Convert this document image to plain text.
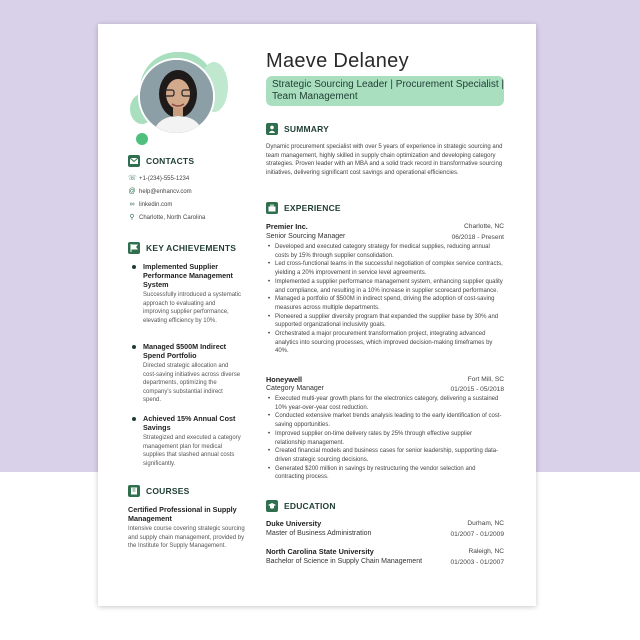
CONTACTS
☏ +1-(234)-555-1234
@ help@enhancv.com
∞ linkedin.com
⚲ Charlotte, North Carolina
KEY ACHIEVEMENTS
Implemented Supplier Performance Management System
Successfully introduced a systematic approach to evaluating and improving supplier performance, elevating efficiency by 10%.
Managed $500M Indirect Spend Portfolio
Directed strategic allocation and cost-saving initiatives across diverse departments, optimizing the company's substantial indirect spend.
Achieved 15% Annual Cost Savings
Strategized and executed a category management plan for medical supplies that slashed annual costs significantly.
COURSES
Certified Professional in Supply Management
Intensive course covering strategic sourcing and supply chain management, provided by the Institute for Supply Management.
Maeve Delaney
Strategic Sourcing Leader | Procurement Specialist | Team Management
SUMMARY
Dynamic procurement specialist with over 5 years of experience in strategic sourcing and team management, highly skilled in supply chain optimization and developing category strategies. Proven leader with an MBA and a solid track record in transformative sourcing initiatives, delivering significant cost savings and operational efficiencies.
EXPERIENCE
Premier Inc.	Charlotte, NC
Senior Sourcing Manager	06/2018 - Present
• Developed and executed category strategy for medical supplies, reducing annual costs by 15% through supplier consolidation.
• Led cross-functional teams in the successful negotiation of complex service contracts, yielding a 20% improvement in service level agreements.
• Implemented a supplier performance management system, enhancing supplier quality and compliance, and resulting in a 10% increase in supplier scorecard performance.
• Managed a portfolio of $500M in indirect spend, driving the adoption of cost-saving measures across multiple departments.
• Pioneered a supplier diversity program that expanded the supplier base by 30% and supported organizational inclusivity goals.
• Orchestrated a major procurement transformation project, integrating advanced analytics into sourcing processes, which improved decision-making timeframes by 40%.
Honeywell	Fort Mill, SC
Category Manager	01/2015 - 05/2018
• Executed multi-year growth plans for the electronics category, delivering a sustained 10% year-over-year cost reduction.
• Conducted extensive market trends analysis leading to the early identification of cost-saving opportunities.
• Improved supplier on-time delivery rates by 25% through effective supplier relationship management.
• Created financial models and business cases for senior leadership, supporting data-driven strategic sourcing decisions.
• Generated $200 million in savings by restructuring the vendor selection and contracting process.
EDUCATION
Duke University	Durham, NC
Master of Business Administration	01/2007 - 01/2009
North Carolina State University	Raleigh, NC
Bachelor of Science in Supply Chain Management	01/2003 - 01/2007
